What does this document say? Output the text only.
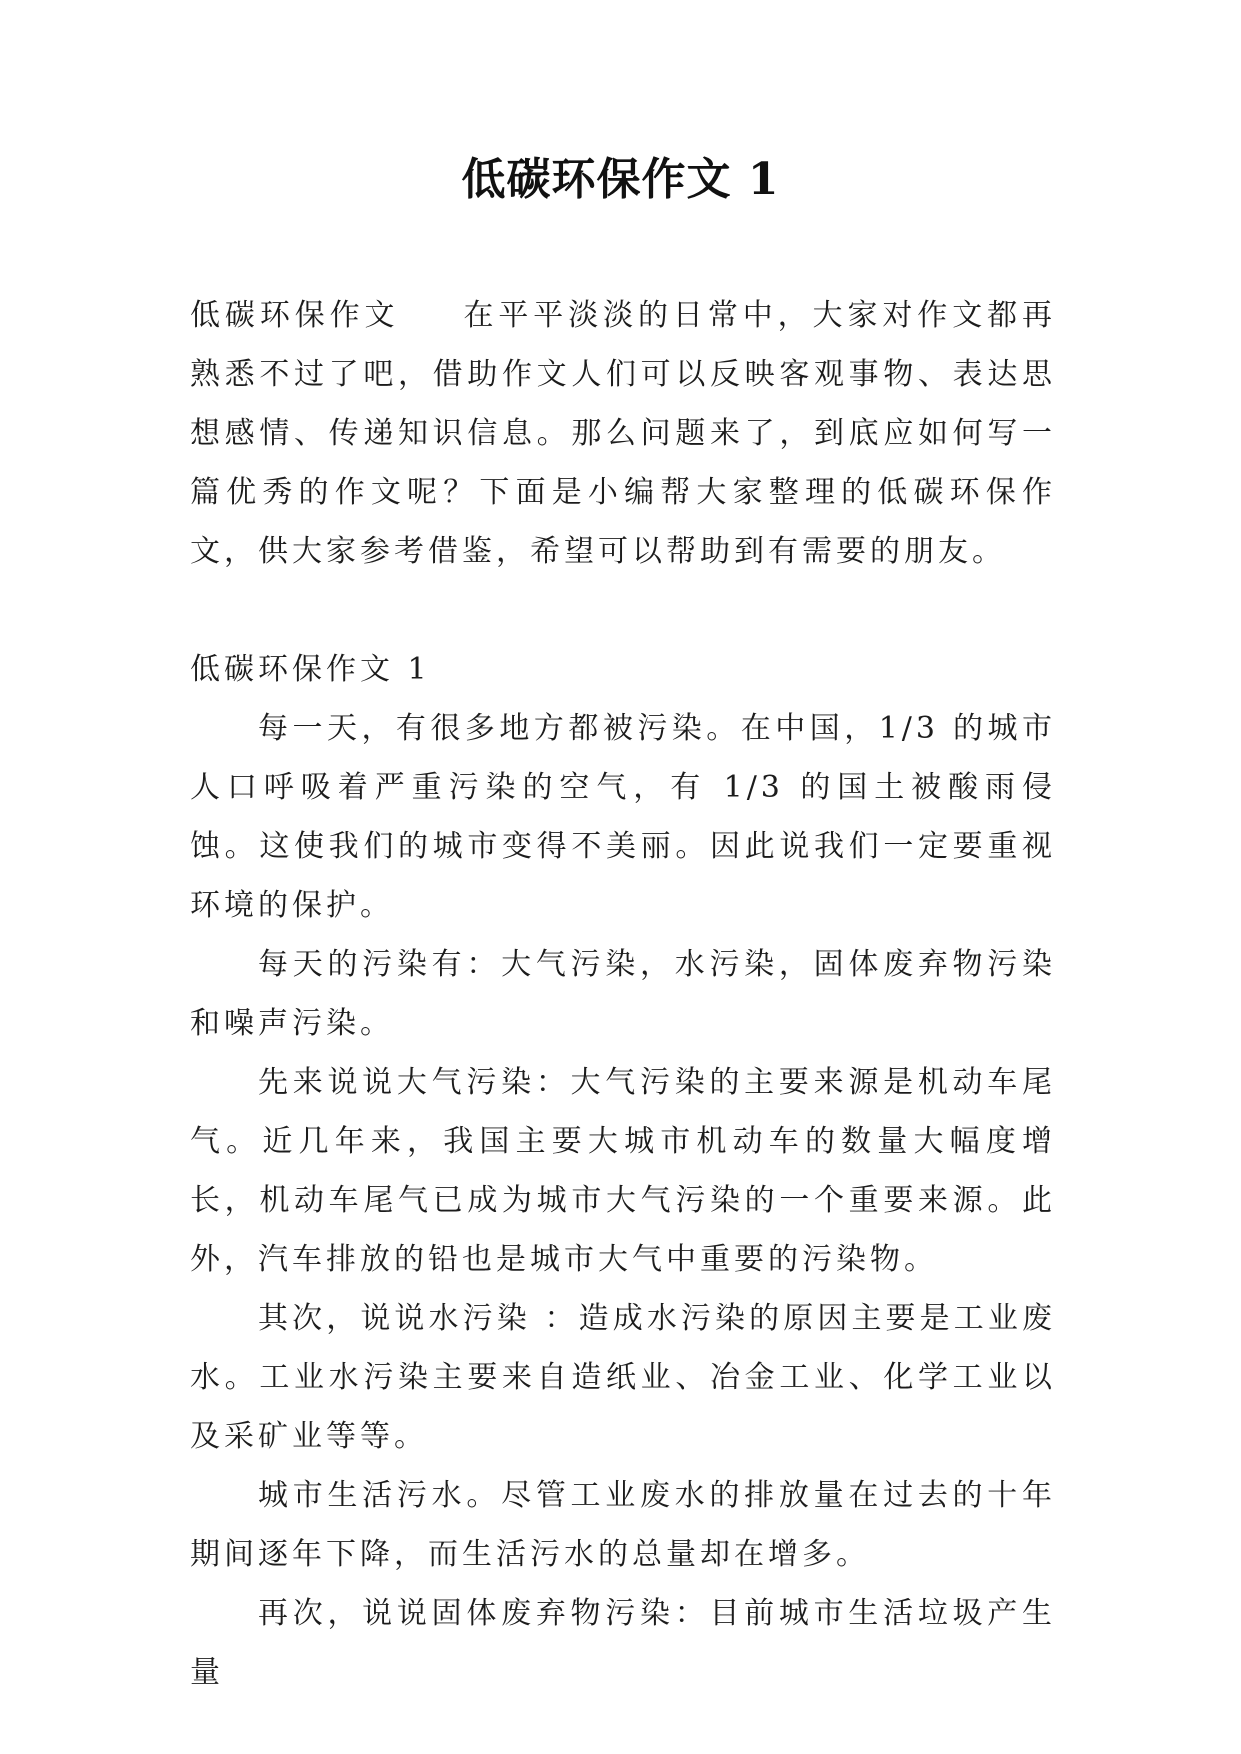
低碳环保作文 1

低碳环保作文 在平平淡淡的日常中，大家对作文都再熟悉不过了吧，借助作文人们可以反映客观事物、表达思想感情、传递知识信息。那么问题来了，到底应如何写一篇优秀的作文呢？下面是小编帮大家整理的低碳环保作文，供大家参考借鉴，希望可以帮助到有需要的朋友。

低碳环保作文 1

每一天，有很多地方都被污染。在中国，1/3 的城市人口呼吸着严重污染的空气，有 1/3 的国土被酸雨侵蚀。这使我们的城市变得不美丽。因此说我们一定要重视环境的保护。

每天的污染有：大气污染，水污染，固体废弃物污染和噪声污染。

先来说说大气污染：大气污染的主要来源是机动车尾气。近几年来，我国主要大城市机动车的数量大幅度增长，机动车尾气已成为城市大气污染的一个重要来源。此外，汽车排放的铅也是城市大气中重要的污染物。

其次，说说水污染 ：造成水污染的原因主要是工业废水。工业水污染主要来自造纸业、冶金工业、化学工业以及采矿业等等。

城市生活污水。尽管工业废水的排放量在过去的十年期间逐年下降，而生活污水的总量却在增多。

再次，说说固体废弃物污染：目前城市生活垃圾产生量
